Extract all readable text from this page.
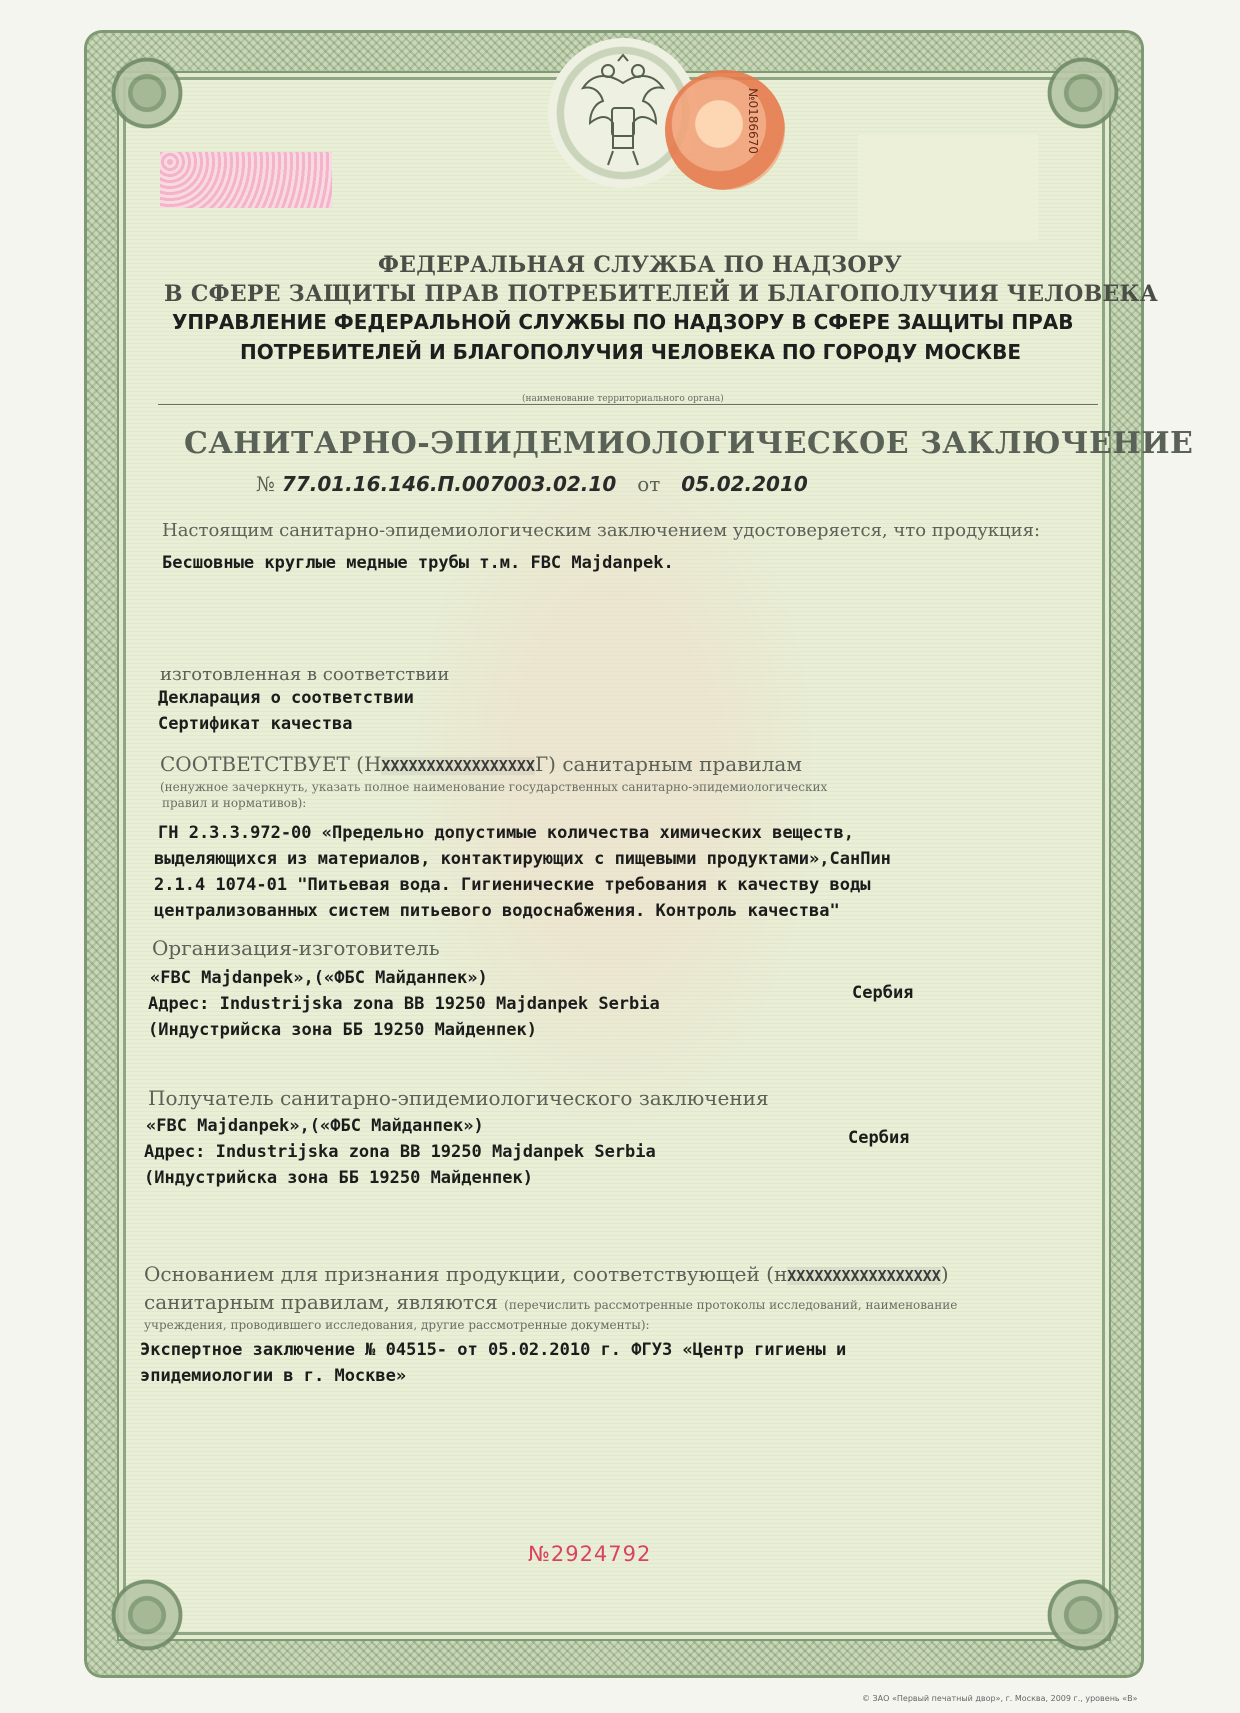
№0186670
ФЕДЕРАЛЬНАЯ СЛУЖБА ПО НАДЗОРУ
В СФЕРЕ ЗАЩИТЫ ПРАВ ПОТРЕБИТЕЛЕЙ И БЛАГОПОЛУЧИЯ ЧЕЛОВЕКА
УПРАВЛЕНИЕ ФЕДЕРАЛЬНОЙ СЛУЖБЫ ПО НАДЗОРУ В СФЕРЕ ЗАЩИТЫ ПРАВ
ПОТРЕБИТЕЛЕЙ И БЛАГОПОЛУЧИЯ ЧЕЛОВЕКА ПО ГОРОДУ МОСКВЕ
(наименование территориального органа)
САНИТАРНО-ЭПИДЕМИОЛОГИЧЕСКОЕ ЗАКЛЮЧЕНИЕ
№ 77.01.16.146.П.007003.02.10 от 05.02.2010
Настоящим санитарно-эпидемиологическим заключением удостоверяется, что продукция:
Бесшовные круглые медные трубы т.м. FBC Majdanpek.
изготовленная в соответствии
Декларация о соответствии
Сертификат качества
СООТВЕТСТВУЕТ (НXXXXXXXXXXXXXXXXXГ) санитарным правилам
(ненужное зачеркнуть, указать полное наименование государственных санитарно-эпидемиологических
правил и нормативов):
ГН 2.3.3.972-00 «Предельно допустимые количества химических веществ,
выделяющихся из материалов, контактирующих с пищевыми продуктами»,СанПин
2.1.4 1074-01 "Питьевая вода. Гигиенические требования к качеству воды
централизованных систем питьевого водоснабжения. Контроль качества"
Организация-изготовитель
«FBC Majdanpek»,(«ФБС Майданпек»)
Адрес: Industrijska zona BB 19250 Majdanpek Serbia
(Индустрийска зона ББ 19250 Майденпек)
Сербия
Получатель санитарно-эпидемиологического заключения
«FBC Majdanpek»,(«ФБС Майданпек»)
Адрес: Industrijska zona BB 19250 Majdanpek Serbia
(Индустрийска зона ББ 19250 Майденпек)
Сербия
Основанием для признания продукции, соответствующей (нXXXXXXXXXXXXXXXXX)
санитарным правилам, являются (перечислить рассмотренные протоколы исследований, наименование
учреждения, проводившего исследования, другие рассмотренные документы):
Экспертное заключение № 04515- от 05.02.2010 г. ФГУЗ «Центр гигиены и
эпидемиологии в г. Москве»
№2924792
© ЗАО «Первый печатный двор», г. Москва, 2009 г., уровень «В»
